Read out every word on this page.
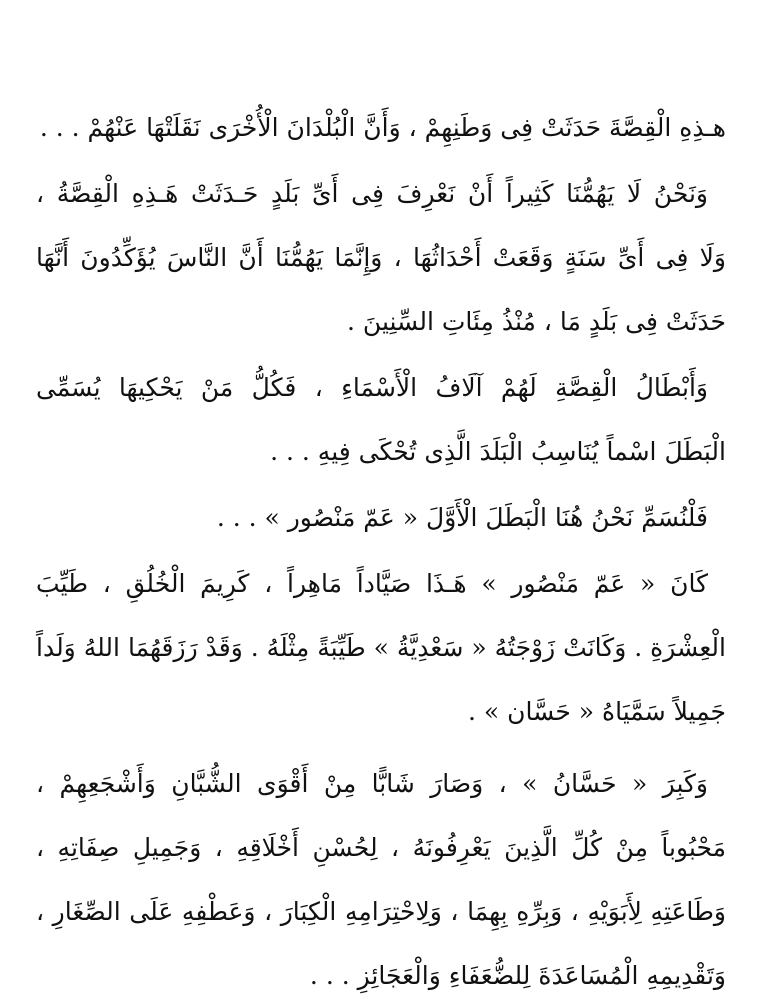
هـذِهِ الْقِصَّةَ حَدَثَتْ فِى وَطَنِهِمْ ، وَأَنَّ الْبُلْدَانَ الْأُخْرَى نَقَلَتْهَا عَنْهُمْ . . .
وَنَحْنُ لَا يَهُمُّنَا كَثِيراً أَنْ نَعْرِفَ فِى أَىِّ بَلَدٍ حَـدَثَتْ هَـذِهِ الْقِصَّةُ ،
وَلَا فِى أَىِّ سَنَةٍ وَقَعَتْ أَحْدَاثُهَا ، وَإِنَّمَا يَهُمُّنَا أَنَّ النَّاسَ يُؤَكِّدُونَ أَنَّهَا
حَدَثَتْ فِى بَلَدٍ مَا ، مُنْذُ مِئَاتِ السِّنِينَ .
وَأَبْطَالُ الْقِصَّةِ لَهُمْ آلَافُ الْأَسْمَاءِ ، فَكُلُّ مَنْ يَحْكِيهَا يُسَمِّى
الْبَطَلَ اسْماً يُنَاسِبُ الْبَلَدَ الَّذِى تُحْكَى فِيهِ . . .
فَلْنُسَمِّ نَحْنُ هُنَا الْبَطَلَ الْأَوَّلَ « عَمّ مَنْصُور » . . .
كَانَ « عَمّ مَنْصُور » هَـذَا صَيَّاداً مَاهِراً ، كَرِيمَ الْخُلُقِ ، طَيِّبَ
الْعِشْرَةِ . وَكَانَتْ زَوْجَتُهُ « سَعْدِيَّةُ » طَيِّبَةً مِثْلَهُ . وَقَدْ رَزَقَهُمَا اللهُ وَلَداً
جَمِيلاً سَمَّيَاهُ « حَسَّان » .
وَكَبِرَ « حَسَّانُ » ، وَصَارَ شَابًّا مِنْ أَقْوَى الشُّبَّانِ وَأَشْجَعِهِمْ ،
مَحْبُوباً مِنْ كُلِّ الَّذِينَ يَعْرِفُونَهُ ، لِحُسْنِ أَخْلَاقِهِ ، وَجَمِيلِ صِفَاتِهِ ،
وَطَاعَتِهِ لِأَبَوَيْهِ ، وَبِرِّهِ بِهِمَا ، وَلِاحْتِرَامِهِ الْكِبَارَ ، وَعَطْفِهِ عَلَى الصِّغَارِ ،
وَتَقْدِيمِهِ الْمُسَاعَدَةَ لِلضُّعَفَاءِ وَالْعَجَائِزِ . . .
